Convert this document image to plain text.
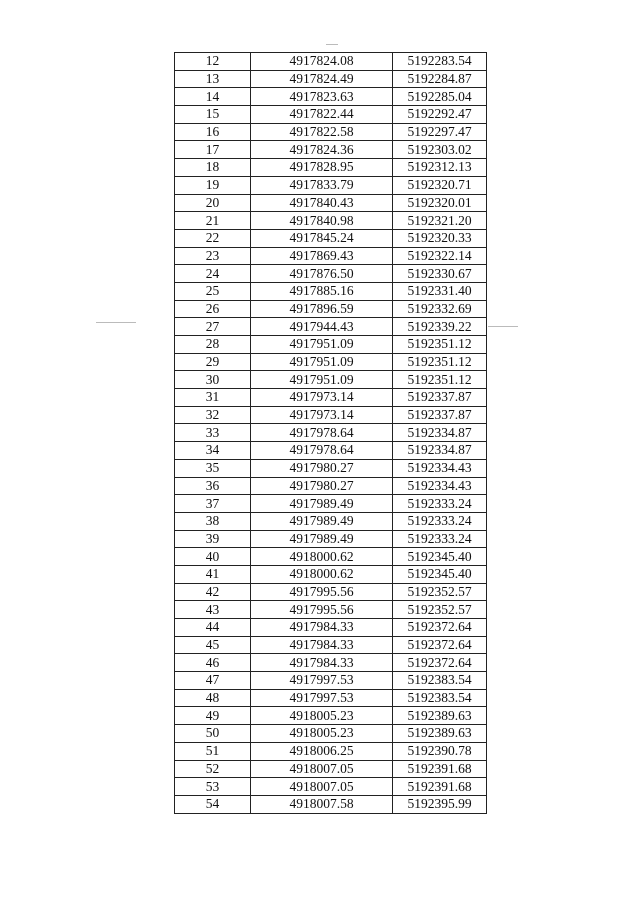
12	4917824.08	5192283.54
13	4917824.49	5192284.87
14	4917823.63	5192285.04
15	4917822.44	5192292.47
16	4917822.58	5192297.47
17	4917824.36	5192303.02
18	4917828.95	5192312.13
19	4917833.79	5192320.71
20	4917840.43	5192320.01
21	4917840.98	5192321.20
22	4917845.24	5192320.33
23	4917869.43	5192322.14
24	4917876.50	5192330.67
25	4917885.16	5192331.40
26	4917896.59	5192332.69
27	4917944.43	5192339.22
28	4917951.09	5192351.12
29	4917951.09	5192351.12
30	4917951.09	5192351.12
31	4917973.14	5192337.87
32	4917973.14	5192337.87
33	4917978.64	5192334.87
34	4917978.64	5192334.87
35	4917980.27	5192334.43
36	4917980.27	5192334.43
37	4917989.49	5192333.24
38	4917989.49	5192333.24
39	4917989.49	5192333.24
40	4918000.62	5192345.40
41	4918000.62	5192345.40
42	4917995.56	5192352.57
43	4917995.56	5192352.57
44	4917984.33	5192372.64
45	4917984.33	5192372.64
46	4917984.33	5192372.64
47	4917997.53	5192383.54
48	4917997.53	5192383.54
49	4918005.23	5192389.63
50	4918005.23	5192389.63
51	4918006.25	5192390.78
52	4918007.05	5192391.68
53	4918007.05	5192391.68
54	4918007.58	5192395.99
